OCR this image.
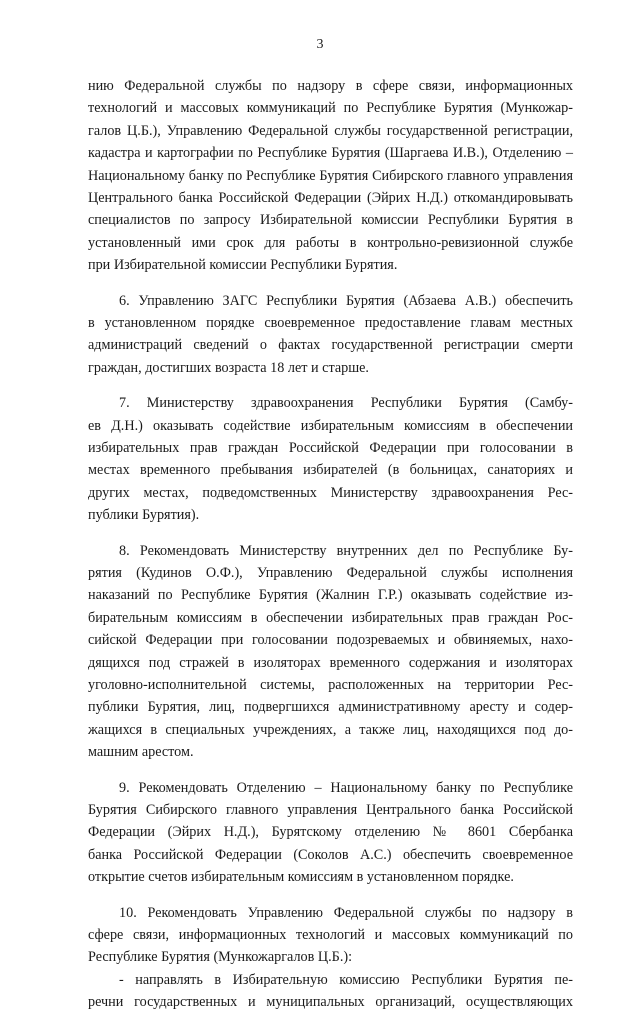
3
нию Федеральной службы по надзору в сфере связи, информационных
технологий и массовых коммуникаций по Республике Бурятия (Мункожар-
галов Ц.Б.), Управлению Федеральной службы государственной регистрации,
кадастра и картографии по Республике Бурятия (Шаргаева И.В.), Отделению –
Национальному банку по Республике Бурятия Сибирского главного управления
Центрального банка Российской Федерации (Эйрих Н.Д.) откомандировывать
специалистов по запросу Избирательной комиссии Республики Бурятия в
установленный ими срок для работы в контрольно-ревизионной службе
при Избирательной комиссии Республики Бурятия.
6. Управлению ЗАГС Республики Бурятия (Абзаева А.В.) обеспечить
в установленном порядке своевременное предоставление главам местных
администраций сведений о фактах государственной регистрации смерти
граждан, достигших возраста 18 лет и старше.
7. Министерству здравоохранения Республики Бурятия (Самбу-
ев Д.Н.) оказывать содействие избирательным комиссиям в обеспечении
избирательных прав граждан Российской Федерации при голосовании в
местах временного пребывания избирателей (в больницах, санаториях и
других местах, подведомственных Министерству здравоохранения Рес-
публики Бурятия).
8. Рекомендовать Министерству внутренних дел по Республике Бу-
рятия (Кудинов О.Ф.), Управлению Федеральной службы исполнения
наказаний по Республике Бурятия (Жалнин Г.Р.) оказывать содействие из-
бирательным комиссиям в обеспечении избирательных прав граждан Рос-
сийской Федерации при голосовании подозреваемых и обвиняемых, нахо-
дящихся под стражей в изоляторах временного содержания и изоляторах
уголовно-исполнительной системы, расположенных на территории Рес-
публики Бурятия, лиц, подвергшихся административному аресту и содер-
жащихся в специальных учреждениях, а также лиц, находящихся под до-
машним арестом.
9. Рекомендовать Отделению – Национальному банку по Республике
Бурятия Сибирского главного управления Центрального банка Российской
Федерации (Эйрих Н.Д.), Бурятскому отделению № 8601 Сбербанка
банка Российской Федерации (Соколов А.С.) обеспечить своевременное
открытие счетов избирательным комиссиям в установленном порядке.
10. Рекомендовать Управлению Федеральной службы по надзору в
сфере связи, информационных технологий и массовых коммуникаций по
Республике Бурятия (Мункожаргалов Ц.Б.):
- направлять в Избирательную комиссию Республики Бурятия пе-
речни государственных и муниципальных организаций, осуществляющих
